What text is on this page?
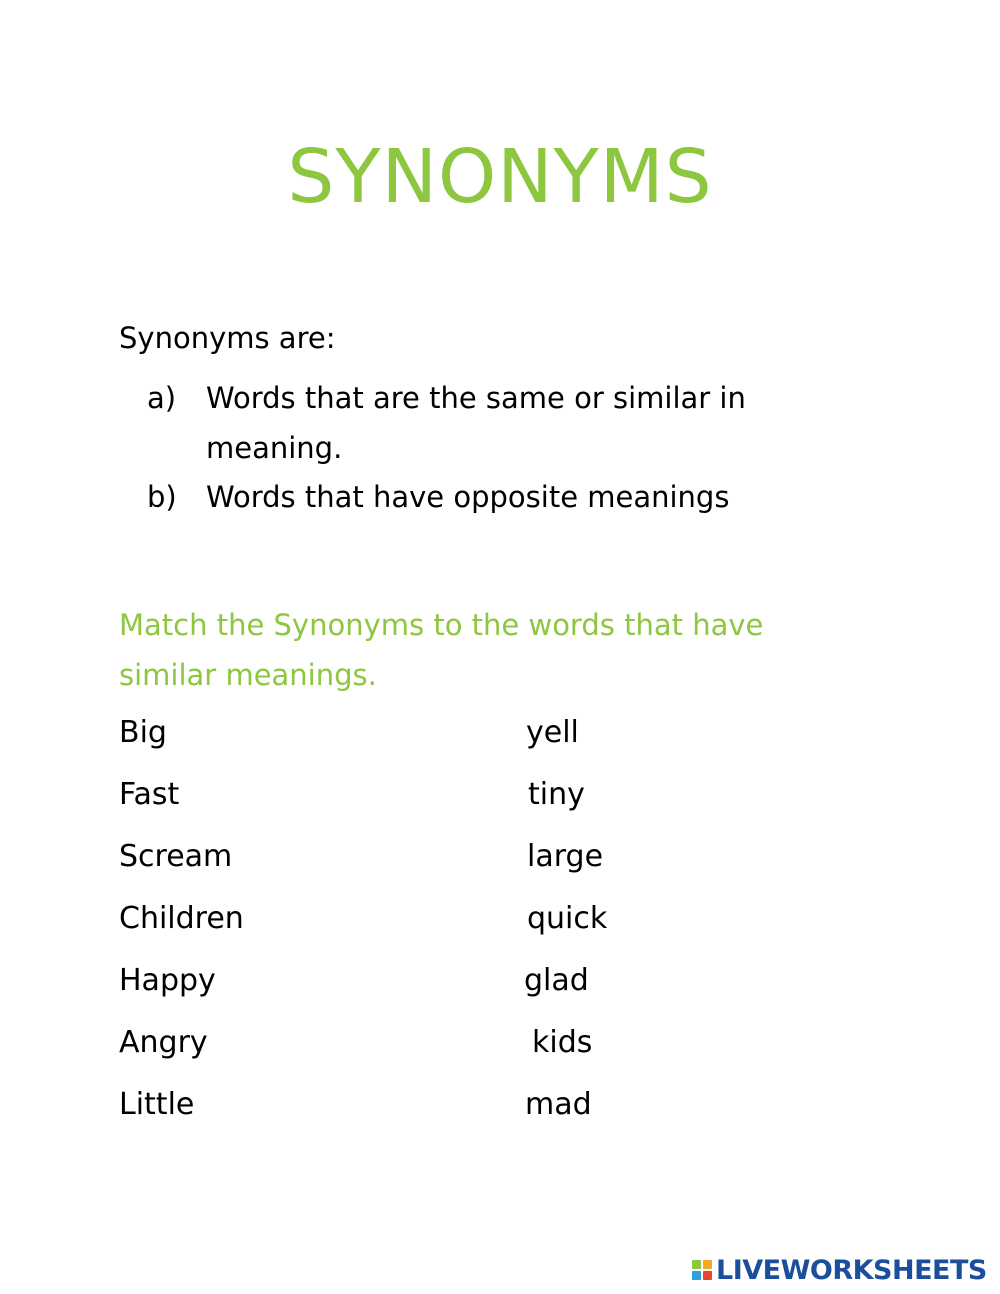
SYNONYMS
Synonyms are:
a) Words that are the same or similar in meaning.
b) Words that have opposite meanings
Match the Synonyms to the words that have similar meanings.
Big
Fast
Scream
Children
Happy
Angry
Little
yell
tiny
large
quick
glad
kids
mad
LIVEWORKSHEETS
